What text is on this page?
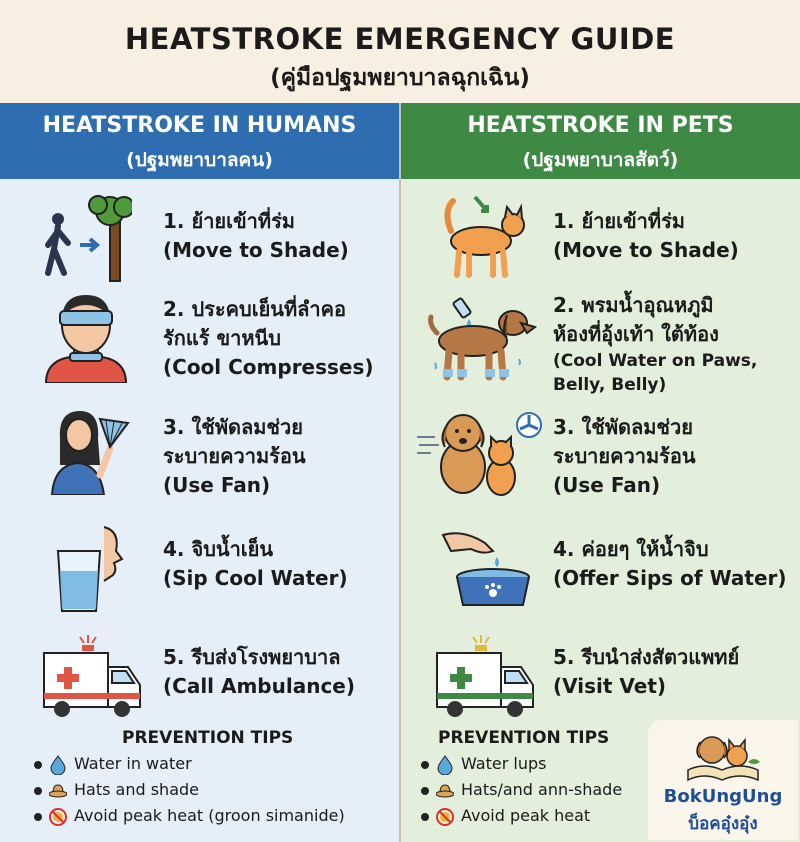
HEATSTROKE EMERGENCY GUIDE
(คู่มือปฐมพยาบาลฉุกเฉิน)
HEATSTROKE IN HUMANS
(ปฐมพยาบาลคน)
1. ย้ายเข้าที่ร่ม
(Move to Shade)
2. ประคบเย็นที่ลำคอ
รักแร้ ขาหนีบ
(Cool Compresses)
3. ใช้พัดลมช่วย
ระบายความร้อน
(Use Fan)
4. จิบน้ำเย็น
(Sip Cool Water)
5. รีบส่งโรงพยาบาล
(Call Ambulance)
PREVENTION TIPS
Water in water
Hats and shade
Avoid peak heat (groon simanide)
HEATSTROKE IN PETS
(ปฐมพยาบาลสัตว์)
1. ย้ายเข้าที่ร่ม
(Move to Shade)
2. พรมน้ำอุณหภูมิ
ห้องที่อุ้งเท้า ใต้ท้อง
(Cool Water on Paws,
Belly, Belly)
3. ใช้พัดลมช่วย
ระบายความร้อน
(Use Fan)
4. ค่อยๆ ให้น้ำจิบ
(Offer Sips of Water)
5. รีบนำส่งสัตวแพทย์
(Visit Vet)
PREVENTION TIPS
Water lups
Hats/and ann-shade
Avoid peak heat
BokUngUng
บ็อคอุ๋งอุ๋ง
